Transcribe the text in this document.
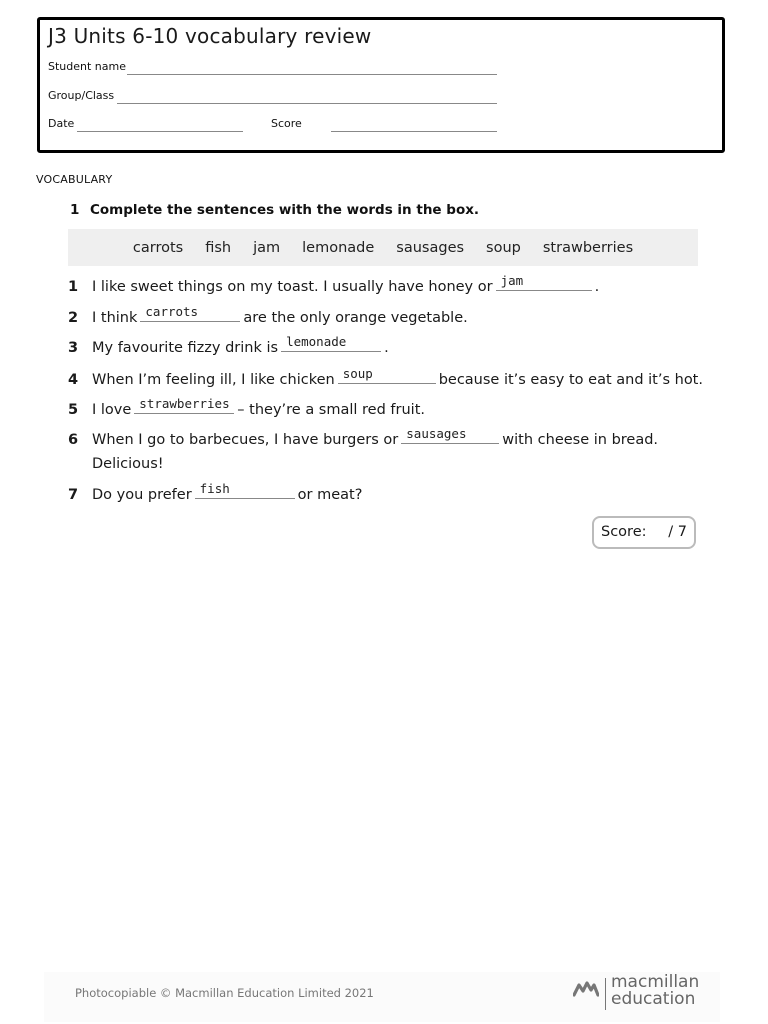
J3 Units 6-10 vocabulary review
Student name
Group/Class
Date	Score
VOCABULARY
1 Complete the sentences with the words in the box.
carrots fish jam lemonade sausages soup strawberries
1 I like sweet things on my toast. I usually have honey or jam	.
2 I think carrots	are the only orange vegetable.
3 My favourite fizzy drink is lemonade	.
4 When I’m feeling ill, I like chicken soup	because it’s easy to eat and it’s hot.
5 I love strawberries – they’re a small red fruit.
6 When I go to barbecues, I have burgers or sausages with cheese in bread.
Delicious!
7 Do you prefer fish	or meat?
Score: / 7
Photocopiable © Macmillan Education Limited 2021
macmillan
education
